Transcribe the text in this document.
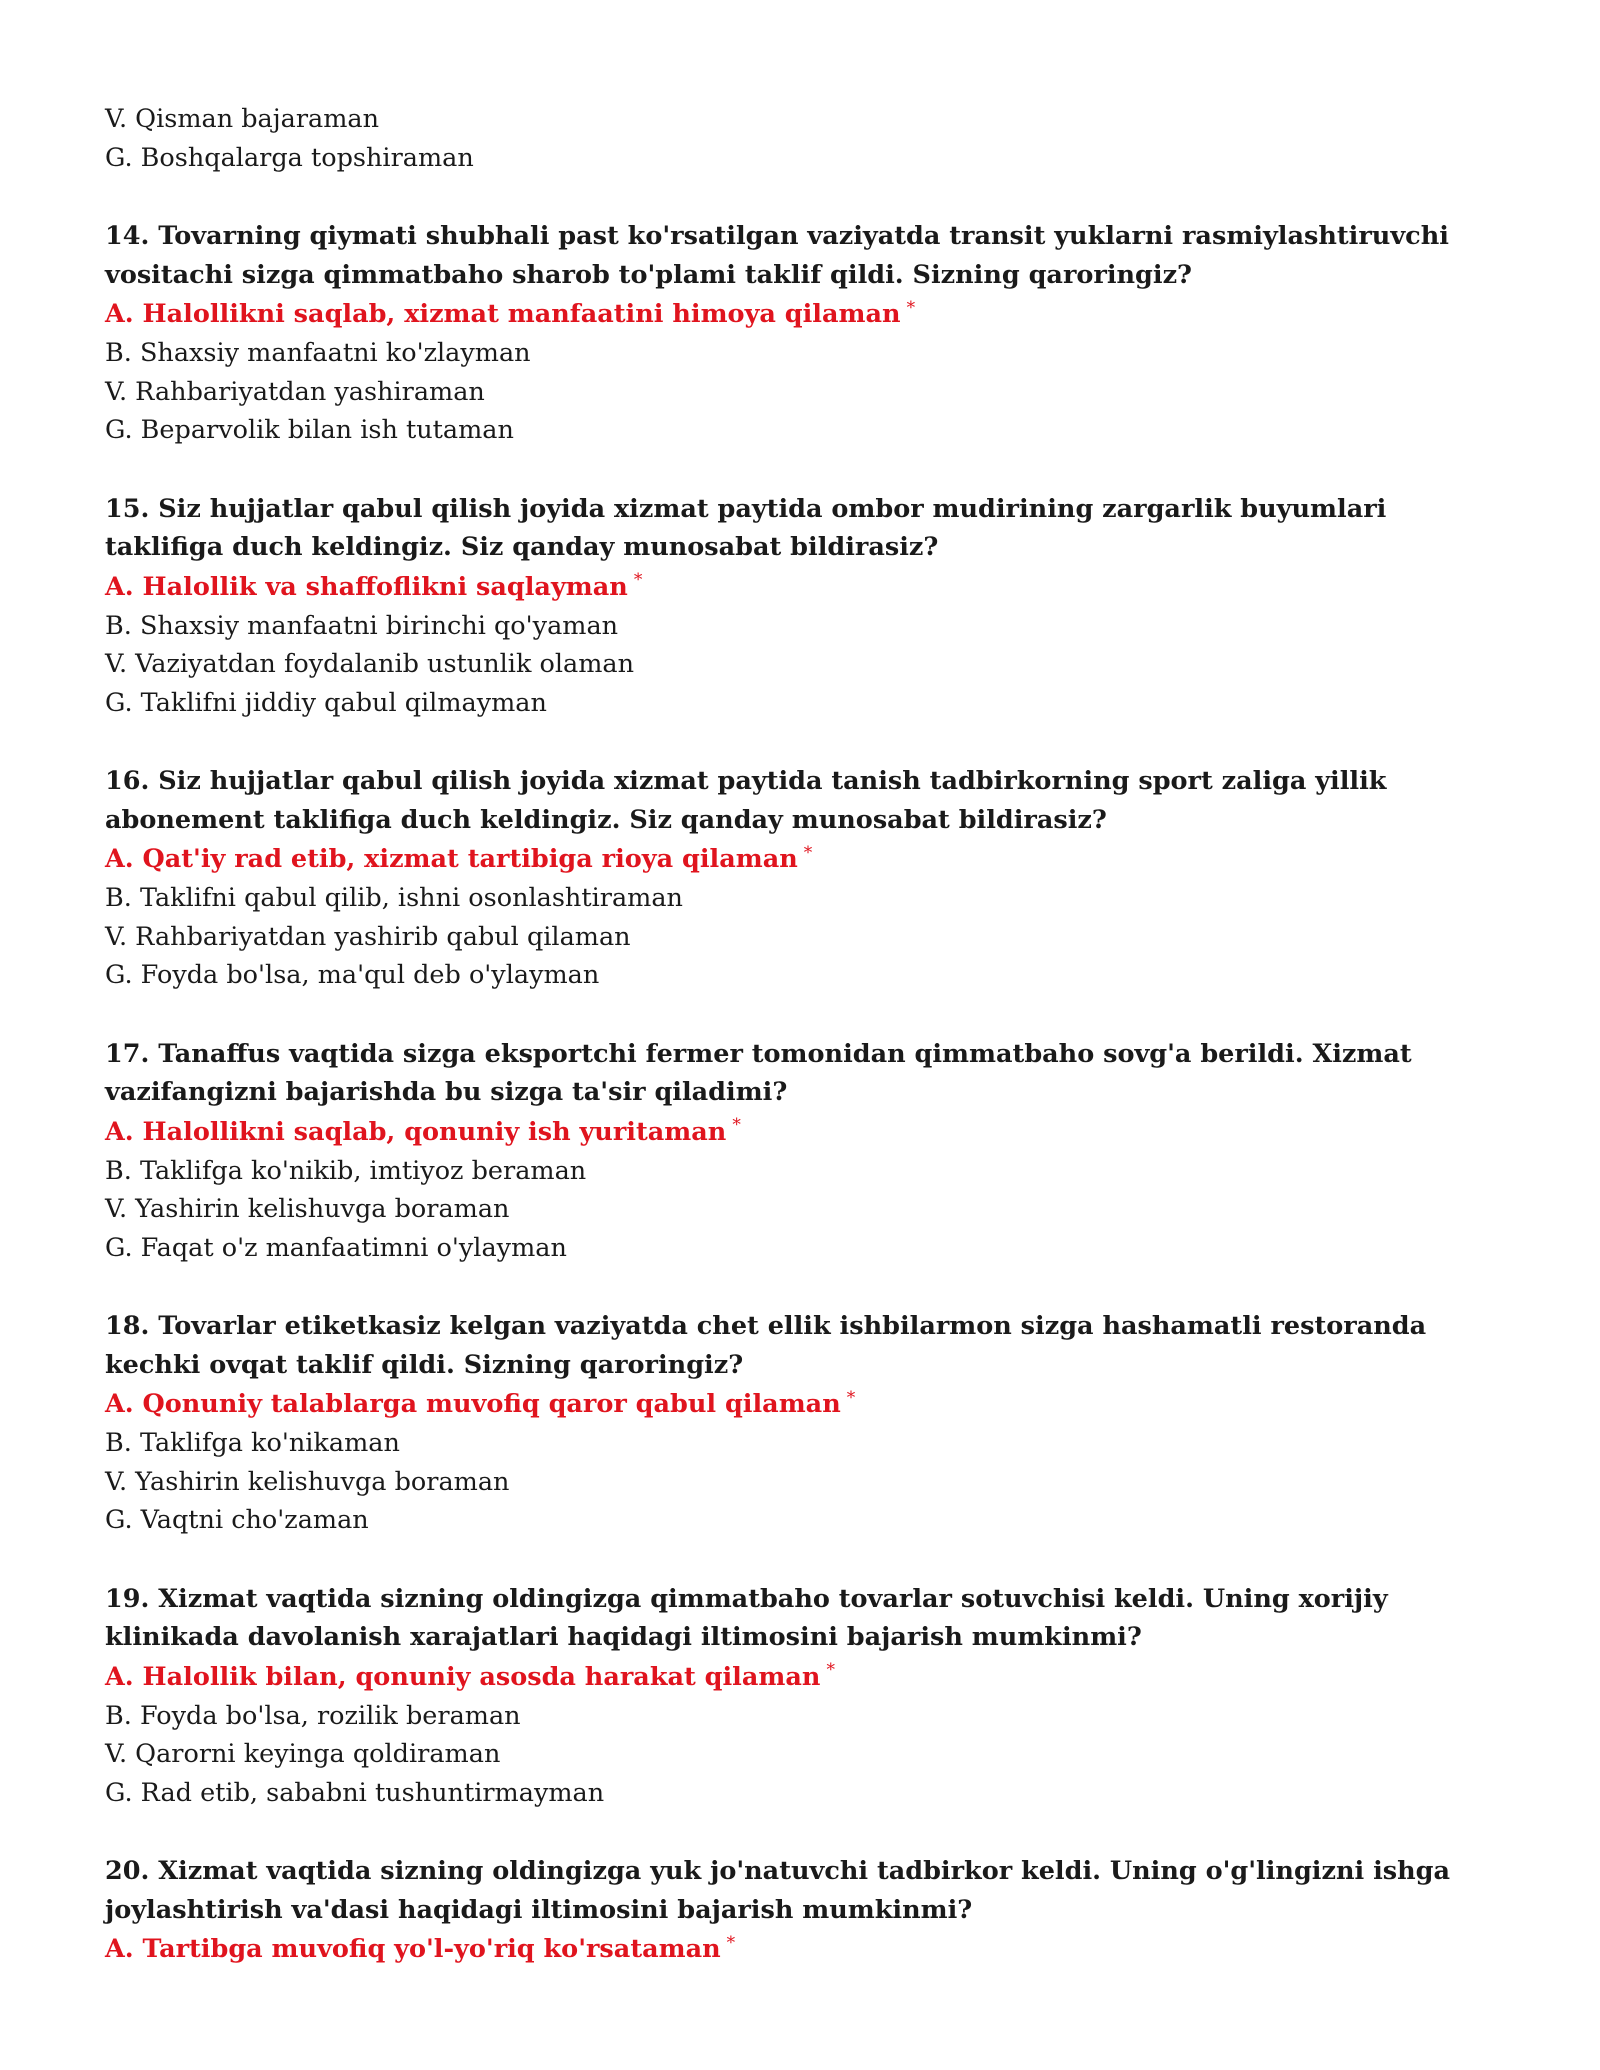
V. Qisman bajaraman
G. Boshqalarga topshiraman

14. Tovarning qiymati shubhali past ko'rsatilgan vaziyatda transit yuklarni rasmiylashtiruvchi vositachi sizga qimmatbaho sharob to'plami taklif qildi. Sizning qaroringiz?

A. Halollikni saqlab, xizmat manfaatini himoya qilaman *
B. Shaxsiy manfaatni ko'zlayman
V. Rahbariyatdan yashiraman
G. Beparvolik bilan ish tutaman

15. Siz hujjatlar qabul qilish joyida xizmat paytida ombor mudirining zargarlik buyumlari taklifiga duch keldingiz. Siz qanday munosabat bildirasiz?

A. Halollik va shaffoflikni saqlayman *
B. Shaxsiy manfaatni birinchi qo'yaman
V. Vaziyatdan foydalanib ustunlik olaman
G. Taklifni jiddiy qabul qilmayman

16. Siz hujjatlar qabul qilish joyida xizmat paytida tanish tadbirkorning sport zaliga yillik abonement taklifiga duch keldingiz. Siz qanday munosabat bildirasiz?

A. Qat'iy rad etib, xizmat tartibiga rioya qilaman *
B. Taklifni qabul qilib, ishni osonlashtiraman
V. Rahbariyatdan yashirib qabul qilaman
G. Foyda bo'lsa, ma'qul deb o'ylayman

17. Tanaffus vaqtida sizga eksportchi fermer tomonidan qimmatbaho sovg'a berildi. Xizmat vazifangizni bajarishda bu sizga ta'sir qiladimi?

A. Halollikni saqlab, qonuniy ish yuritaman *
B. Taklifga ko'nikib, imtiyoz beraman
V. Yashirin kelishuvga boraman
G. Faqat o'z manfaatimni o'ylayman

18. Tovarlar etiketkasiz kelgan vaziyatda chet ellik ishbilarmon sizga hashamatli restoranda kechki ovqat taklif qildi. Sizning qaroringiz?

A. Qonuniy talablarga muvofiq qaror qabul qilaman *
B. Taklifga ko'nikaman
V. Yashirin kelishuvga boraman
G. Vaqtni cho'zaman

19. Xizmat vaqtida sizning oldingizga qimmatbaho tovarlar sotuvchisi keldi. Uning xorijiy klinikada davolanish xarajatlari haqidagi iltimosini bajarish mumkinmi?

A. Halollik bilan, qonuniy asosda harakat qilaman *
B. Foyda bo'lsa, rozilik beraman
V. Qarorni keyinga qoldiraman
G. Rad etib, sababni tushuntirmayman

20. Xizmat vaqtida sizning oldingizga yuk jo'natuvchi tadbirkor keldi. Uning o'g'lingizni ishga joylashtirish va'dasi haqidagi iltimosini bajarish mumkinmi?

A. Tartibga muvofiq yo'l-yo'riq ko'rsataman *
